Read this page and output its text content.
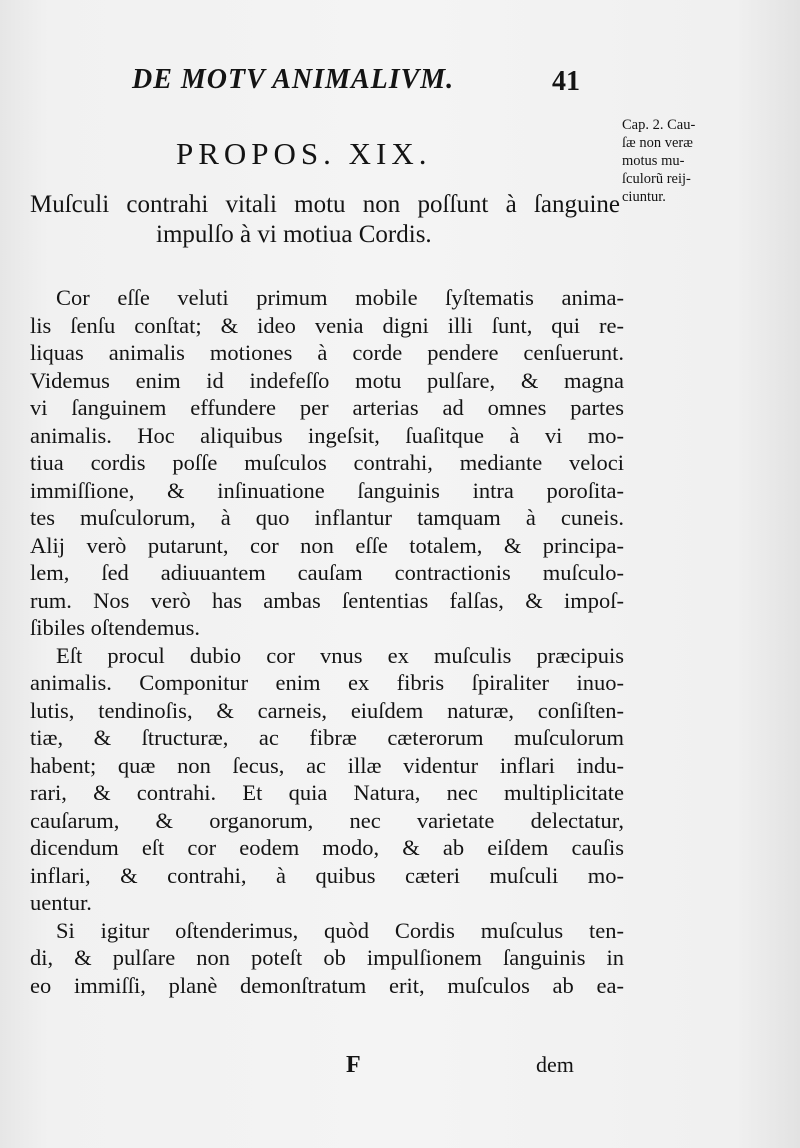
DE MOTV ANIMALIVM.	41
Cap. 2. Cau-
ſæ non veræ
motus mu-
ſculorũ reij-
ciuntur.
PROPOS. XIX.
Muſculi contrahi vitali motu non poſſunt à ſanguine
impulſo à vi motiua Cordis.
Cor eſſe veluti primum mobile ſyſtematis anima-
lis ſenſu conſtat; & ideo venia digni illi ſunt, qui re-
liquas animalis motiones à corde pendere cenſuerunt.
Videmus enim id indefeſſo motu pulſare, & magna
vi ſanguinem effundere per arterias ad omnes partes
animalis. Hoc aliquibus ingeſsit, ſuaſitque à vi mo-
tiua cordis poſſe muſculos contrahi, mediante veloci
immiſſione, & inſinuatione ſanguinis intra poroſita-
tes muſculorum, à quo inflantur tamquam à cuneis.
Alij verò putarunt, cor non eſſe totalem, & principa-
lem, ſed adiuuantem cauſam contractionis muſculo-
rum. Nos verò has ambas ſententias falſas, & impoſ-
ſibiles oſtendemus.
Eſt procul dubio cor vnus ex muſculis præcipuis
animalis. Componitur enim ex fibris ſpiraliter inuo-
lutis, tendinoſis, & carneis, eiuſdem naturæ, conſiſten-
tiæ, & ſtructuræ, ac fibræ cæterorum muſculorum
habent; quæ non ſecus, ac illæ videntur inflari indu-
rari, & contrahi. Et quia Natura, nec multiplicitate
cauſarum, & organorum, nec varietate delectatur,
dicendum eſt cor eodem modo, & ab eiſdem cauſis
inflari, & contrahi, à quibus cæteri muſculi mo-
uentur.
Si igitur oſtenderimus, quòd Cordis muſculus ten-
di, & pulſare non poteſt ob impulſionem ſanguinis in
eo immiſſi, planè demonſtratum erit, muſculos ab ea-
F	dem
